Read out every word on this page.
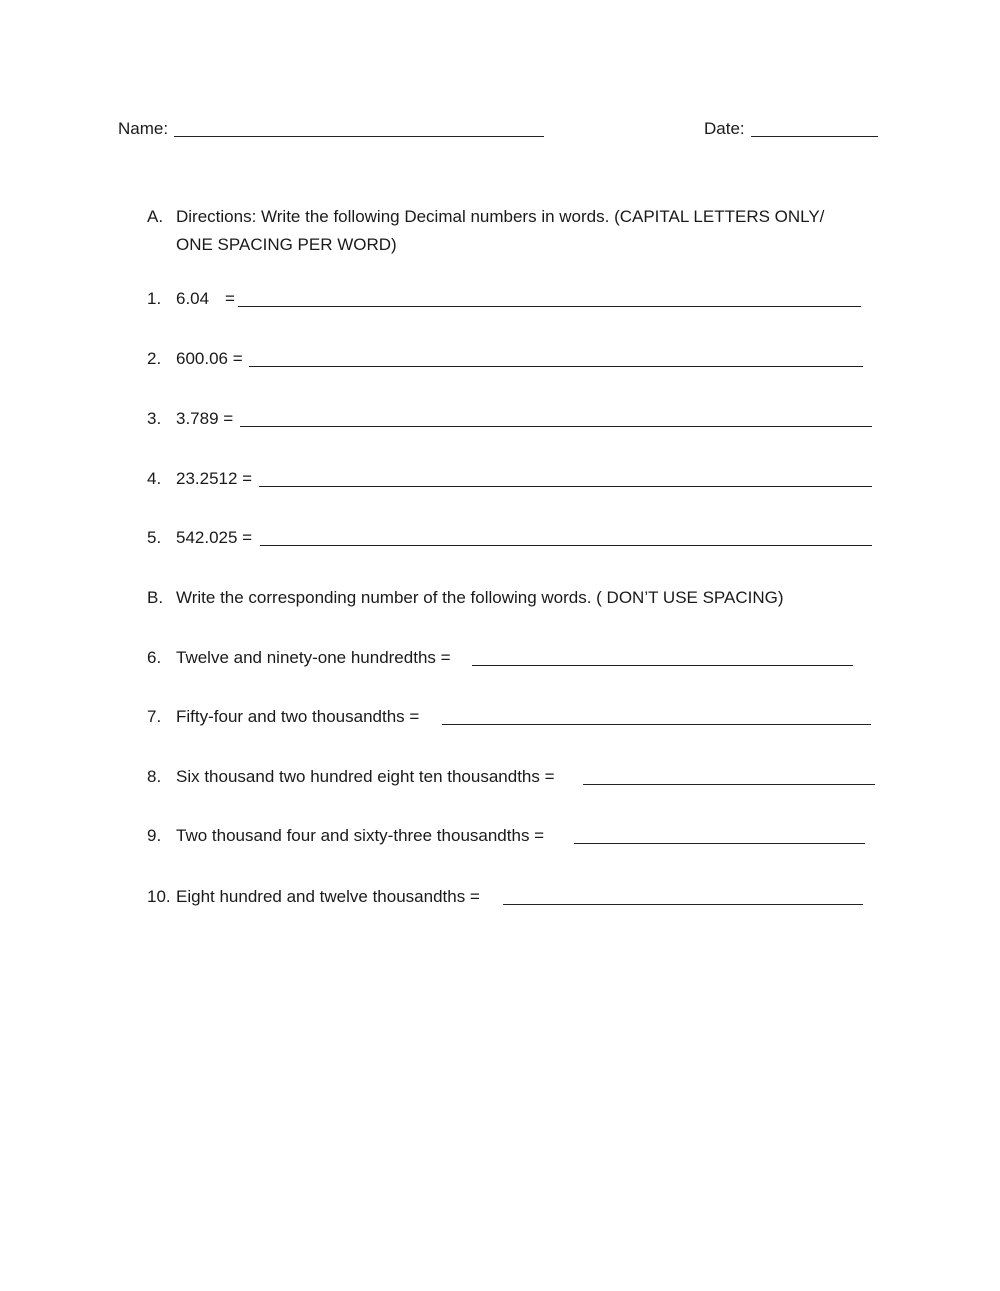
Name:	Date:
A. Directions: Write the following Decimal numbers in words. (CAPITAL LETTERS ONLY/
ONE SPACING PER WORD)
1. 6.04 =
2. 600.06 =
3. 3.789 =
4. 23.2512 =
5. 542.025 =
B. Write the corresponding number of the following words. ( DON’T USE SPACING)
6. Twelve and ninety-one hundredths =
7. Fifty-four and two thousandths =
8. Six thousand two hundred eight ten thousandths =
9. Two thousand four and sixty-three thousandths =
10. Eight hundred and twelve thousandths =
